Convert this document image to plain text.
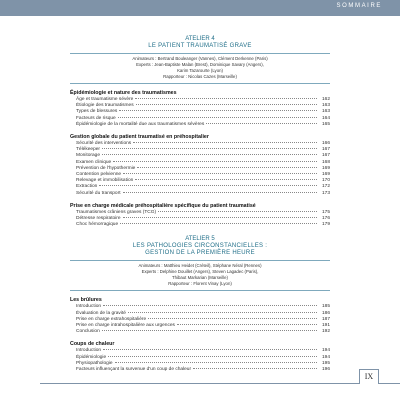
SOMMAIRE
ATELIER 4
LE PATIENT TRAUMATISÉ GRAVE
Animateurs : Bertrand Bouleanger (Vannes), Clément Derkenne (Paris)
Experts : Jean-Baptiste Malan (Brest), Dominique Savary (Angers),
Karim Tazarourte (Lyon)
Rapporteur : Nicolas Cazes (Marseille)
Épidémiologie et nature des traumatismes
Âge et traumatisme sévère	162
Étiologie des traumatismes	163
Types de blessures	163
Facteurs de risque	164
Épidémiologie de la mortalité due aux traumatismes sévères	165
Gestion globale du patient traumatisé en préhospitalier
Sécurité des interventions	166
Télékeeper	167
Monitorage	167
Examen clinique	168
Prévention de l'hypothermie	169
Contention pelvienne	169
Relevage et immobilisation	170
Extraction	172
Sécurité du transport	173
Prise en charge médicale préhospitalière spécifique du patient traumatisé
Traumatismes crâniens graves (TCG)	175
Détresse respiratoire	176
Choc hémorragique	179
ATELIER 5
LES PATHOLOGIES CIRCONSTANCIELLES :
GESTION DE LA PREMIÈRE HEURE
Animateurs : Matthieu Heidet (Créteil), Stéphane Néral (Rennes)
Experts : Delphine Douillet (Angers), Steven Lagadec (Paris),
Thibaut Markarian (Marseille)
Rapporteur : Florent Vinay (Lyon)
Les brûlures
Introduction	185
Évaluation de la gravité	186
Prise en charge extrahospitalière	187
Prise en charge intrahospitalière aux urgences	191
Conclusion	192
Coups de chaleur
Introduction	194
Épidémiologie	194
Physiopathologie	195
Facteurs influençant la survenue d'un coup de chaleur	196
IX
